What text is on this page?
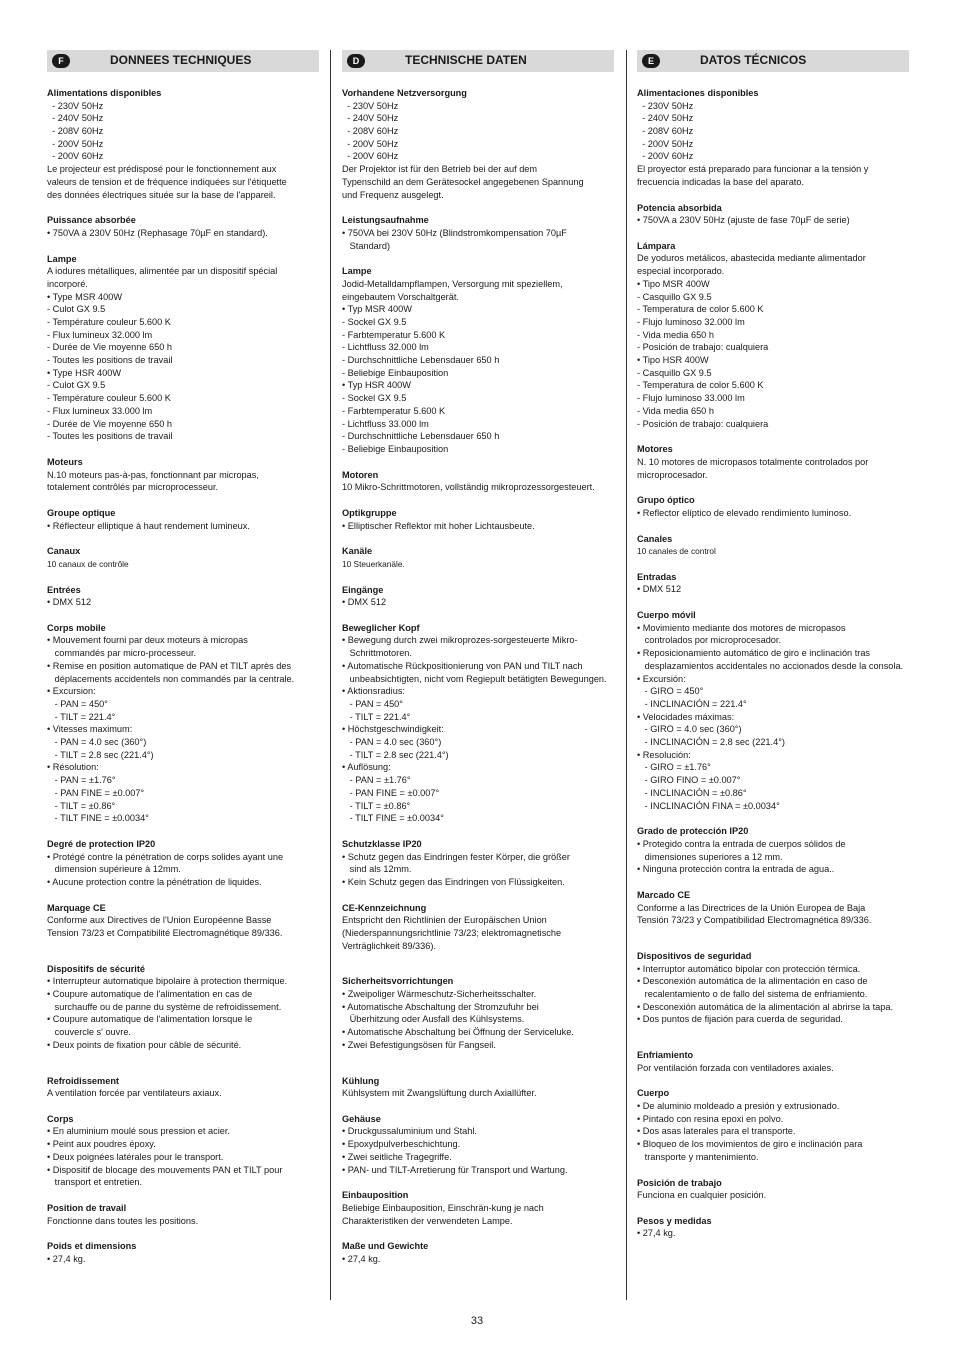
F	DONNEES TECHNIQUES
Alimentations disponibles
- 230V 50Hz
- 240V 50Hz
- 208V 60Hz
- 200V 50Hz
- 200V 60Hz
Le projecteur est prédisposé pour le fonctionnement aux
valeurs de tension et de fréquence indiquées sur l'étiquette
des données électriques située sur la base de l'appareil.
Puissance absorbée
• 750VA à 230V 50Hz (Rephasage 70µF en standard).
Lampe
A iodures métalliques, alimentée par un dispositif spécial
incorporé.
• Type MSR 400W
- Culot GX 9.5
- Température couleur 5.600 K
- Flux lumineux 32.000 lm
- Durée de Vie moyenne 650 h
- Toutes les positions de travail
• Type HSR 400W
- Culot GX 9.5
- Température couleur 5.600 K
- Flux lumineux 33.000 lm
- Durée de Vie moyenne 650 h
- Toutes les positions de travail
Moteurs
N.10 moteurs pas-à-pas, fonctionnant par micropas,
totalement contrôlés par microprocesseur.
Groupe optique
• Réflecteur elliptique à haut rendement lumineux.
Canaux
10 canaux de contrôle
Entrées
• DMX 512
Corps mobile
• Mouvement fourni par deux moteurs à micropas
commandés par micro-processeur.
• Remise en position automatique de PAN et TILT après des
déplacements accidentels non commandés par la centrale.
• Excursion:
- PAN = 450°
- TILT = 221.4°
• Vitesses maximum:
- PAN = 4.0 sec (360°)
- TILT = 2.8 sec (221.4°)
• Résolution:
- PAN = ±1.76°
- PAN FINE = ±0.007°
- TILT = ±0.86°
- TILT FINE = ±0.0034°
Degré de protection IP20
• Protégé contre la pénétration de corps solides ayant une
dimension supérieure à 12mm.
• Aucune protection contre la pénétration de liquides.
Marquage CE
Conforme aux Directives de l'Union Européenne Basse
Tension 73/23 et Compatibilité Electromagnétique 89/336.
Dispositifs de sécurité
• Interrupteur automatique bipolaire à protection thermique.
• Coupure automatique de l'alimentation en cas de
surchauffe ou de panne du système de refroidissement.
• Coupure automatique de l'alimentation lorsque le
couvercle s' ouvre.
• Deux points de fixation pour câble de sécurité.
Refroidissement
A ventilation forcée par ventilateurs axiaux.
Corps
• En aluminium moulé sous pression et acier.
• Peint aux poudres époxy.
• Deux poignées latérales pour le transport.
• Dispositif de blocage des mouvements PAN et TILT pour
transport et entretien.
Position de travail
Fonctionne dans toutes les positions.
Poids et dimensions
• 27,4 kg.
D	TECHNISCHE DATEN
Vorhandene Netzversorgung
- 230V 50Hz
- 240V 50Hz
- 208V 60Hz
- 200V 50Hz
- 200V 60Hz
Der Projektor ist für den Betrieb bei der auf dem
Typenschild an dem Gerätesockel angegebenen Spannung
und Frequenz ausgelegt.
Leistungsaufnahme
• 750VA bei 230V 50Hz (Blindstromkompensation 70µF
Standard)
Lampe
Jodid-Metalldampflampen, Versorgung mit speziellem,
eingebautem Vorschaltgerät.
• Typ MSR 400W
- Sockel GX 9.5
- Farbtemperatur 5.600 K
- Lichtfluss 32.000 lm
- Durchschnittliche Lebensdauer 650 h
- Beliebige Einbauposition
• Typ HSR 400W
- Sockel GX 9.5
- Farbtemperatur 5.600 K
- Lichtfluss 33.000 lm
- Durchschnittliche Lebensdauer 650 h
- Beliebige Einbauposition
Motoren
10 Mikro-Schrittmotoren, vollständig mikroprozessorgesteuert.
Optikgruppe
• Elliptischer Reflektor mit hoher Lichtausbeute.
Kanäle
10 Steuerkanäle.
Eingänge
• DMX 512
Beweglicher Kopf
• Bewegung durch zwei mikroprozes-sorgesteuerte Mikro-
Schrittmotoren.
• Automatische Rückpositionierung von PAN und TILT nach
unbeabsichtigten, nicht vom Regiepult betätigten Bewegungen.
• Aktionsradius:
- PAN = 450°
- TILT = 221.4°
• Höchstgeschwindigkeit:
- PAN = 4.0 sec (360°)
- TILT = 2.8 sec (221.4°)
• Auflösung:
- PAN = ±1.76°
- PAN FINE = ±0.007°
- TILT = ±0.86°
- TILT FINE = ±0.0034°
Schutzklasse IP20
• Schutz gegen das Eindringen fester Körper, die größer
sind als 12mm.
• Kein Schutz gegen das Eindringen von Flüssigkeiten.
CE-Kennzeichnung
Entspricht den Richtlinien der Europäischen Union
(Niederspannungsrichtlinie 73/23; elektromagnetische
Verträglichkeit 89/336).
Sicherheitsvorrichtungen
• Zweipoliger Wärmeschutz-Sicherheitsschalter.
• Automatische Abschaltung der Stromzufuhr bei
Überhitzung oder Ausfall des Kühlsystems.
• Automatische Abschaltung bei Öffnung der Serviceluke.
• Zwei Befestigungsösen für Fangseil.
Kühlung
Kühlsystem mit Zwangslüftung durch Axiallüfter.
Gehäuse
• Druckgussaluminium und Stahl.
• Epoxydpulverbeschichtung.
• Zwei seitliche Tragegriffe.
• PAN- und TILT-Arretierung für Transport und Wartung.
Einbauposition
Beliebige Einbauposition, Einschrän-kung je nach
Charakteristiken der verwendeten Lampe.
Maße und Gewichte
• 27,4 kg.
E	DATOS TÉCNICOS
Alimentaciones disponibles
- 230V 50Hz
- 240V 50Hz
- 208V 60Hz
- 200V 50Hz
- 200V 60Hz
El proyector está preparado para funcionar a la tensión y
frecuencia indicadas la base del aparato.
Potencia absorbida
• 750VA a 230V 50Hz (ajuste de fase 70µF de serie)
Lámpara
De yoduros metálicos, abastecida mediante alimentador
especial incorporado.
• Tipo MSR 400W
- Casquillo GX 9.5
- Temperatura de color 5.600 K
- Flujo luminoso 32.000 lm
- Vida media 650 h
- Posición de trabajo: cualquiera
• Tipo HSR 400W
- Casquillo GX 9.5
- Temperatura de color 5.600 K
- Flujo luminoso 33.000 lm
- Vida media 650 h
- Posición de trabajo: cualquiera
Motores
N. 10 motores de micropasos totalmente controlados por
microprocesador.
Grupo óptico
• Reflector elíptico de elevado rendimiento luminoso.
Canales
10 canales de control
Entradas
• DMX 512
Cuerpo móvil
• Movimiento mediante dos motores de micropasos
controlados por microprocesador.
• Reposicionamiento automático de giro e inclinación tras
desplazamientos accidentales no accionados desde la consola.
• Excursión:
- GIRO = 450°
- INCLINACIÓN = 221.4°
• Velocidades máximas:
- GIRO = 4.0 sec (360°)
- INCLINACIÓN = 2.8 sec (221.4°)
• Resolución:
- GIRO = ±1.76°
- GIRO FINO = ±0.007°
- INCLINACIÓN = ±0.86°
- INCLINACIÓN FINA = ±0.0034°
Grado de protección IP20
• Protegido contra la entrada de cuerpos sólidos de
dimensiones superiores a 12 mm.
• Ninguna protección contra la entrada de agua..
Marcado CE
Conforme a las Directrices de la Unión Europea de Baja
Tensión 73/23 y Compatibilidad Electromagnética 89/336.
Dispositivos de seguridad
• Interruptor automático bipolar con protección térmica.
• Desconexión automática de la alimentación en caso de
recalentamiento o de fallo del sistema de enfriamiento.
• Desconexión automática de la alimentación al abrirse la tapa.
• Dos puntos de fijación para cuerda de seguridad.
Enfriamiento
Por ventilación forzada con ventiladores axiales.
Cuerpo
• De aluminio moldeado a presión y extrusionado.
• Pintado con resina epoxi en polvo.
• Dos asas laterales para el transporte.
• Bloqueo de los movimientos de giro e inclinación para
transporte y mantenimiento.
Posición de trabajo
Funciona en cualquier posición.
Pesos y medidas
• 27,4 kg.
33
